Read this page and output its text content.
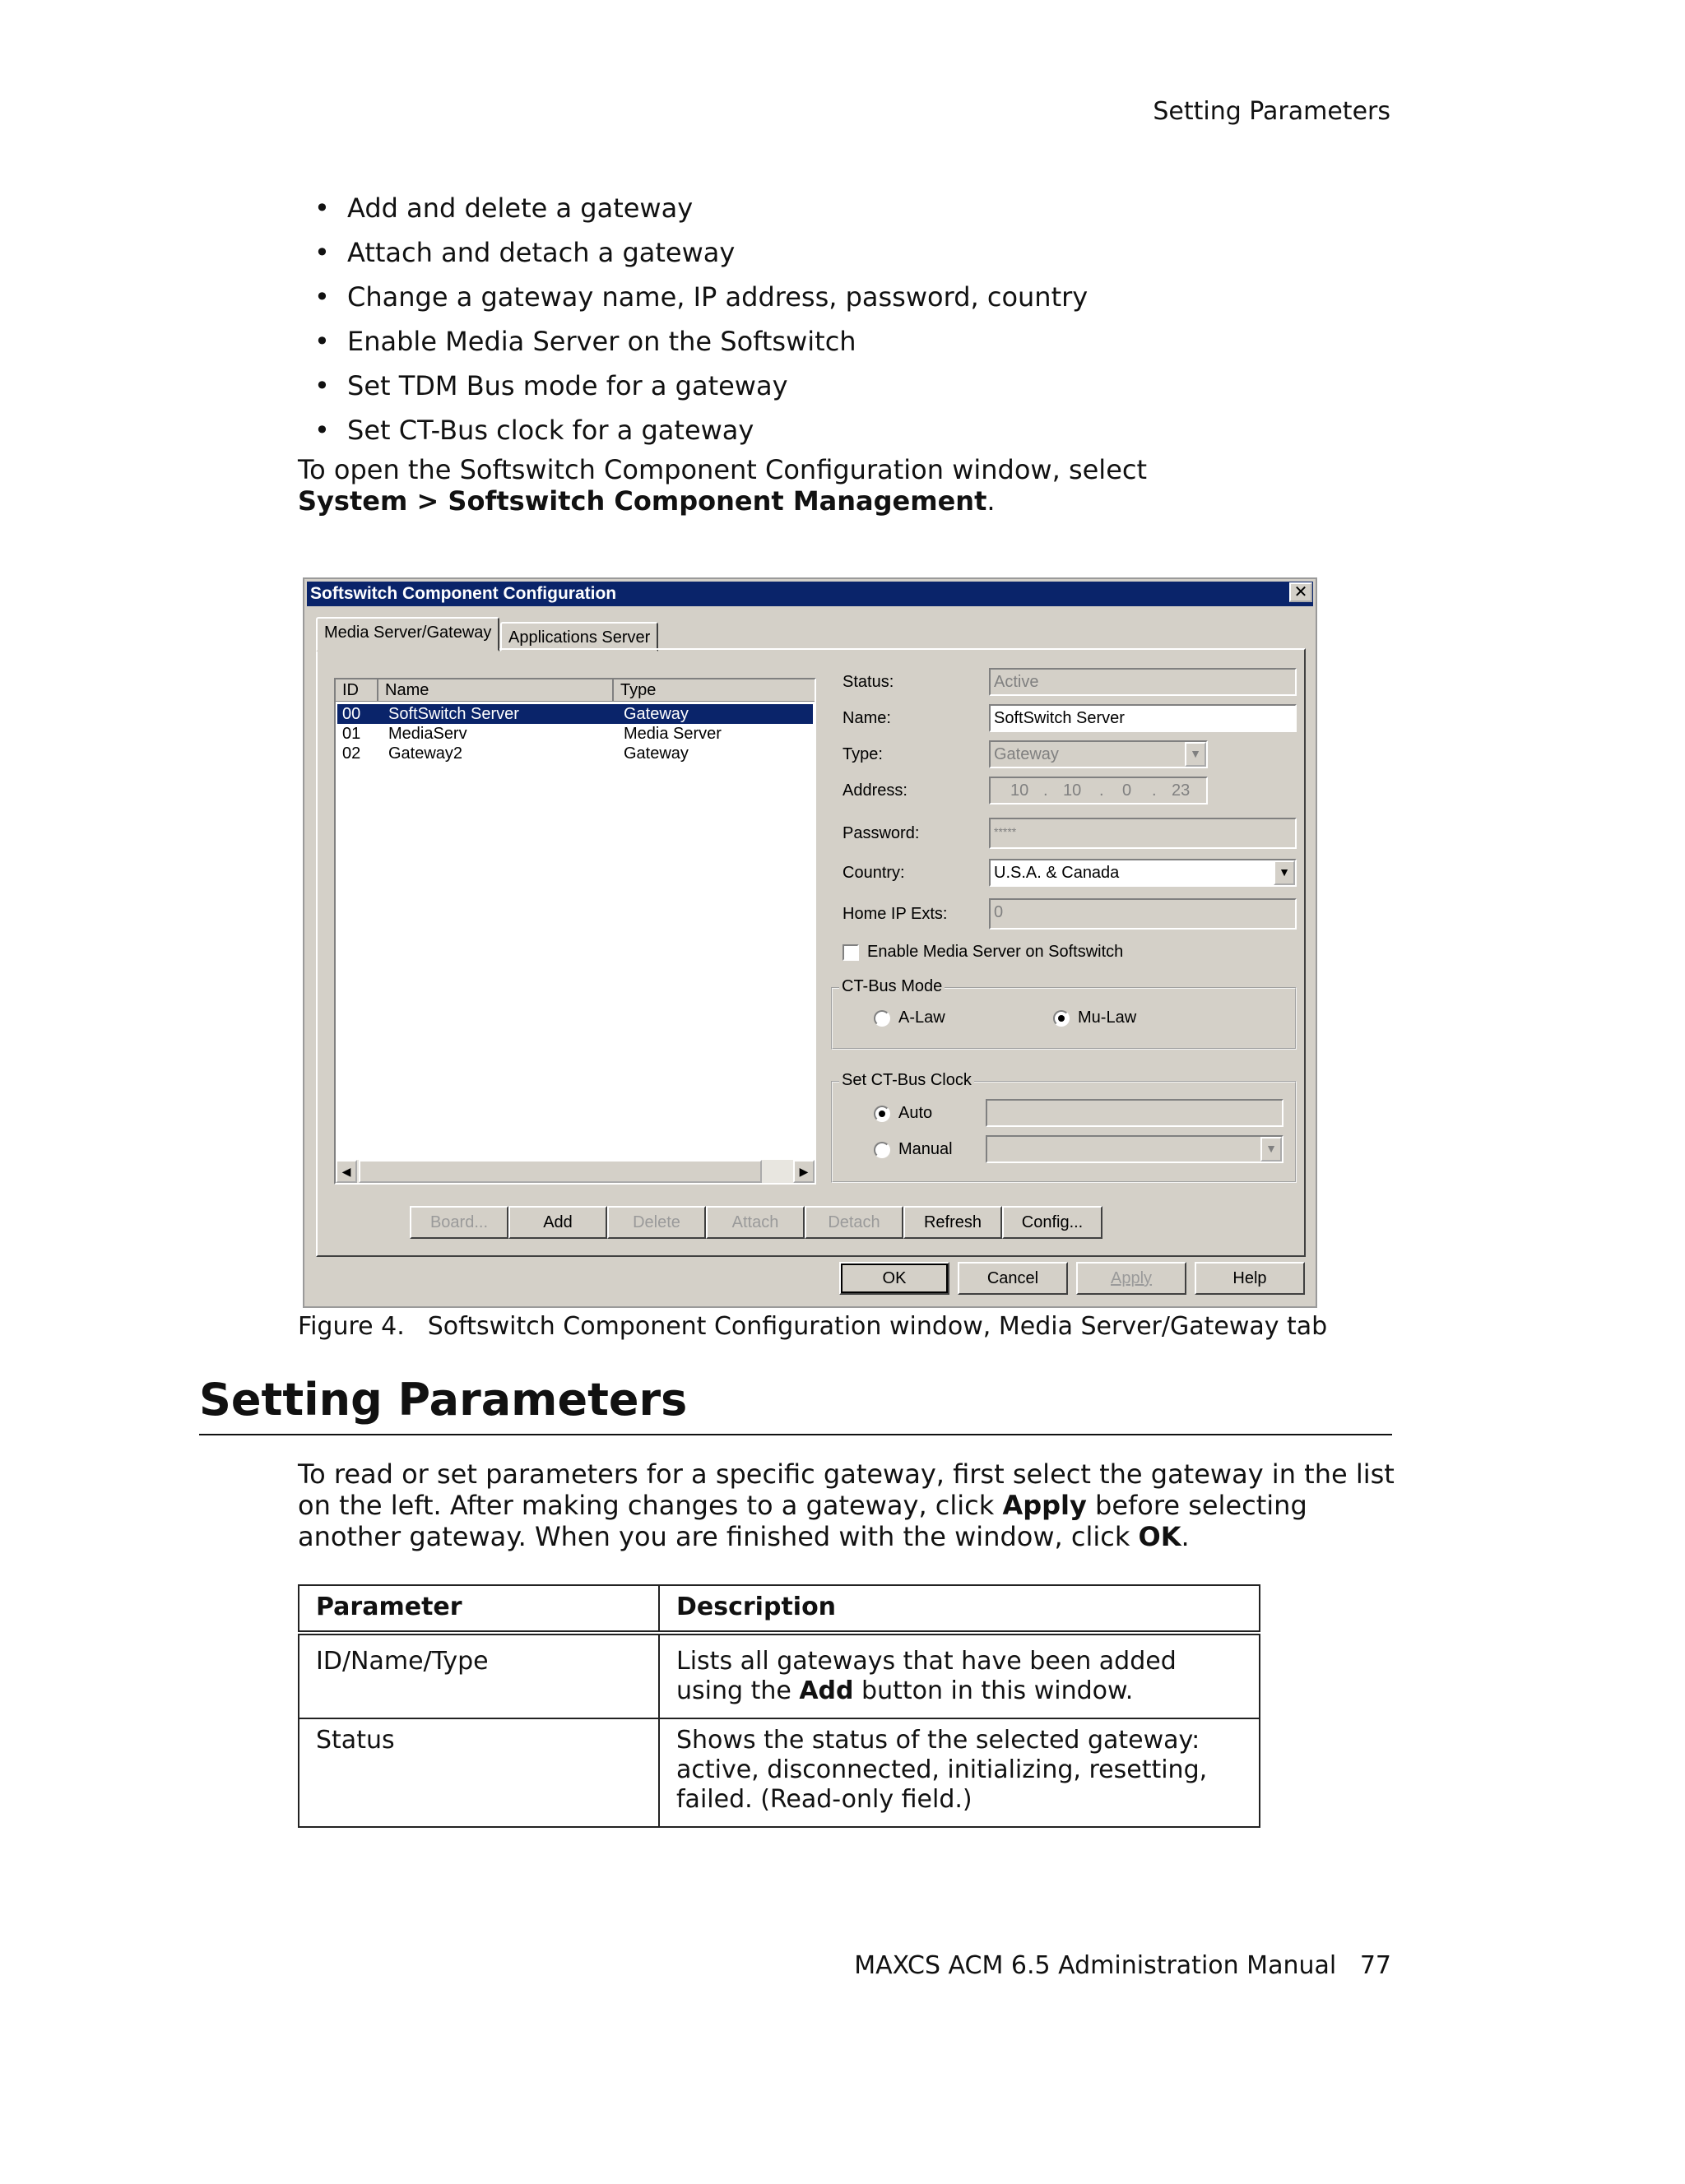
Setting Parameters
• Add and delete a gateway
• Attach and detach a gateway
• Change a gateway name, IP address, password, country
• Enable Media Server on the Softswitch
• Set TDM Bus mode for a gateway
• Set CT-Bus clock for a gateway
To open the Softswitch Component Configuration window, select
System > Softswitch Component Management.
Softswitch Component Configuration	✕
Media Server/Gateway	Applications Server
ID	Name	Type
00 SoftSwitch Server	Gateway
01 MediaServ	Media Server
02 Gateway2	Gateway
◀	▶
Status:	Active
Name:	SoftSwitch Server
Type:	Gateway	▼
Address:	10 . 10 . 0 . 23
Password:	*****
Country:	U.S.A. & Canada	▼
Home IP Exts:	0
Enable Media Server on Softswitch
CT-Bus Mode
A-Law	Mu-Law
Set CT-Bus Clock
Auto
Manual	▼
Board...	Add	Delete	Attach	Detach	Refresh	Config...
OK	Cancel	Apply	Help
Figure 4. Softswitch Component Configuration window, Media Server/Gateway tab
Setting Parameters
To read or set parameters for a specific gateway, first select the gateway in the list on the left. After making changes to a gateway, click Apply before selecting another gateway. When you are finished with the window, click OK.
Parameter	Description
ID/Name/Type	Lists all gateways that have been added using the Add button in this window.
Status	Shows the status of the selected gateway: active, disconnected, initializing, resetting, failed. (Read-only field.)
MAXCS ACM 6.5 Administration Manual 77
